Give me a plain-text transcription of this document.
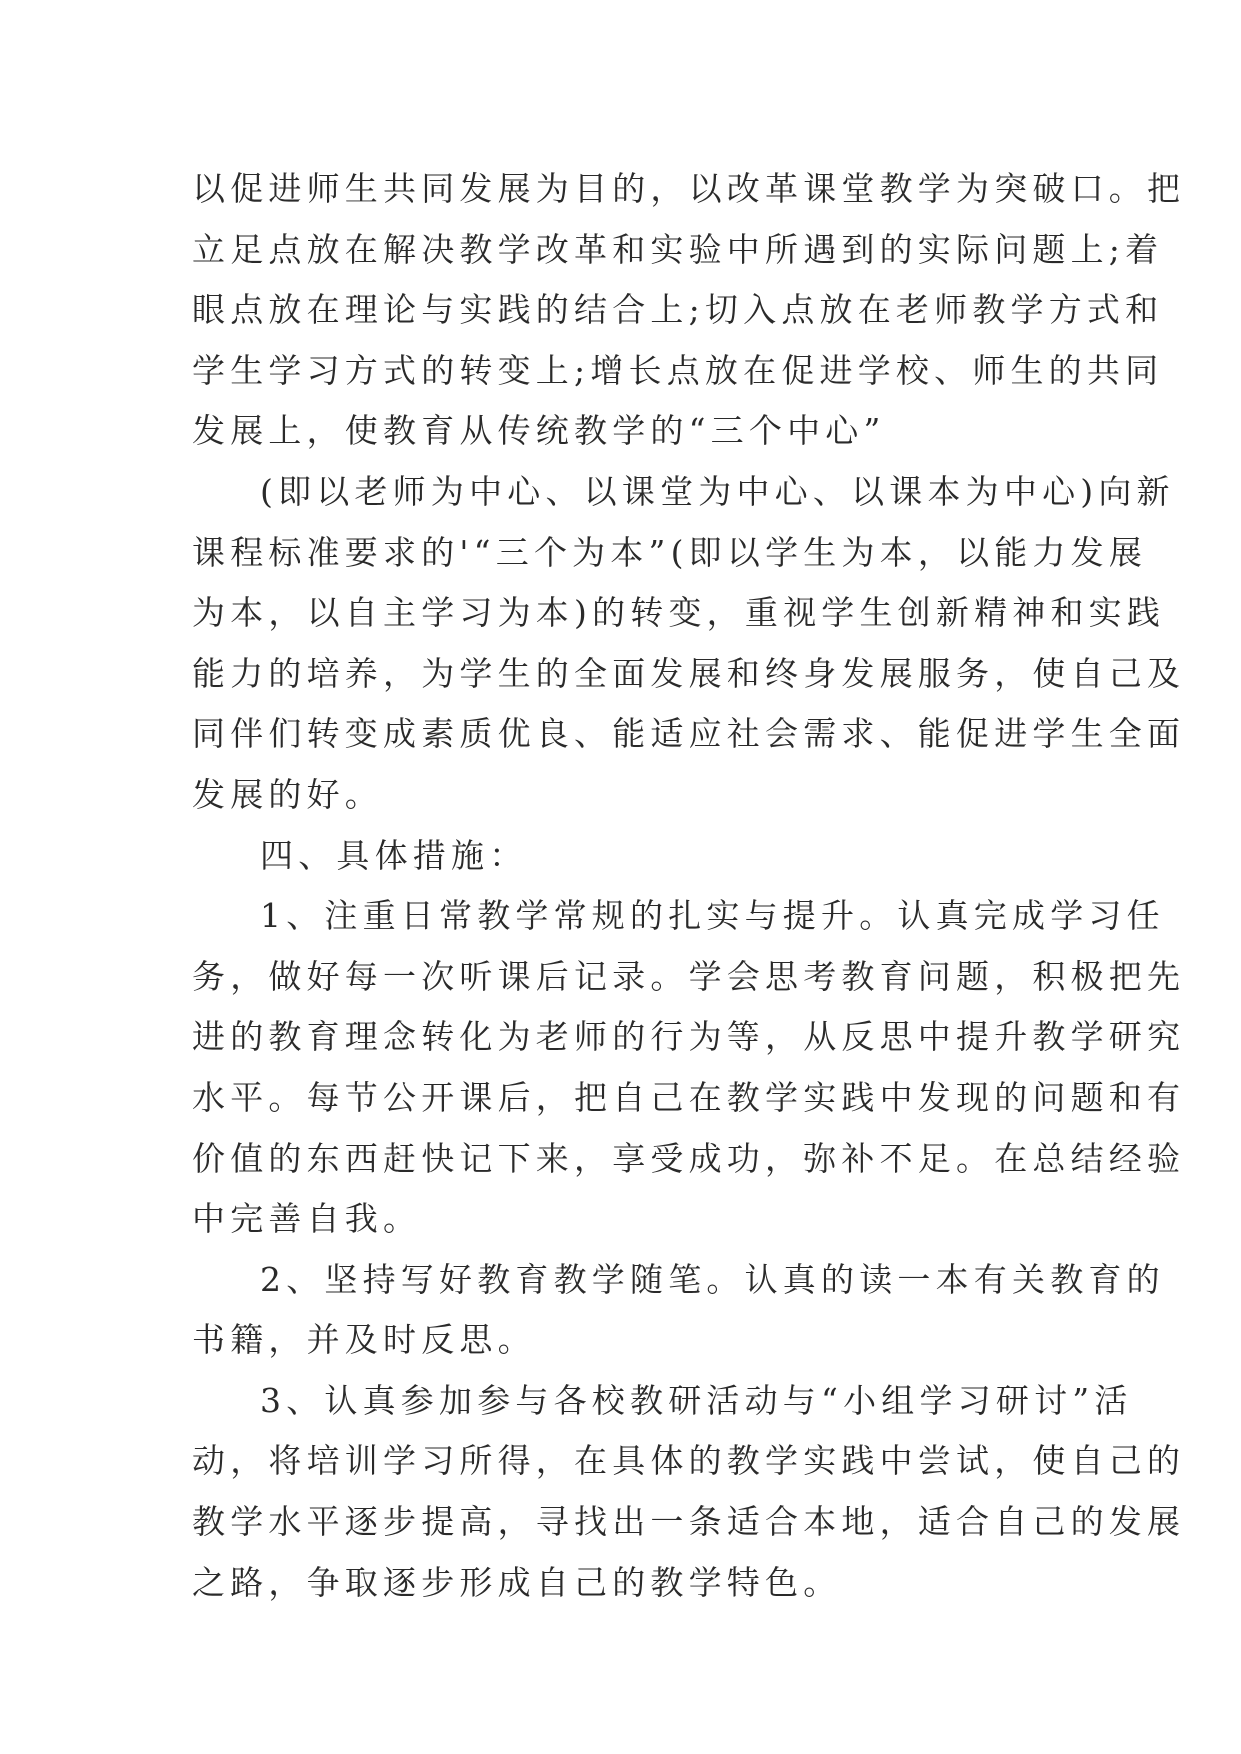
以促进师生共同发展为目的，以改革课堂教学为突破口。把
立足点放在解决教学改革和实验中所遇到的实际问题上;着
眼点放在理论与实践的结合上;切入点放在老师教学方式和
学生学习方式的转变上;增长点放在促进学校、师生的共同
发展上，使教育从传统教学的“三个中心”
(即以老师为中心、以课堂为中心、以课本为中心)向新
课程标准要求的'“三个为本”(即以学生为本，以能力发展
为本，以自主学习为本)的转变，重视学生创新精神和实践
能力的培养，为学生的全面发展和终身发展服务，使自己及
同伴们转变成素质优良、能适应社会需求、能促进学生全面
发展的好。
四、具体措施：
1、注重日常教学常规的扎实与提升。认真完成学习任
务，做好每一次听课后记录。学会思考教育问题，积极把先
进的教育理念转化为老师的行为等，从反思中提升教学研究
水平。每节公开课后，把自己在教学实践中发现的问题和有
价值的东西赶快记下来，享受成功，弥补不足。在总结经验
中完善自我。
2、坚持写好教育教学随笔。认真的读一本有关教育的
书籍，并及时反思。
3、认真参加参与各校教研活动与“小组学习研讨”活
动，将培训学习所得，在具体的教学实践中尝试，使自己的
教学水平逐步提高，寻找出一条适合本地，适合自己的发展
之路，争取逐步形成自己的教学特色。
